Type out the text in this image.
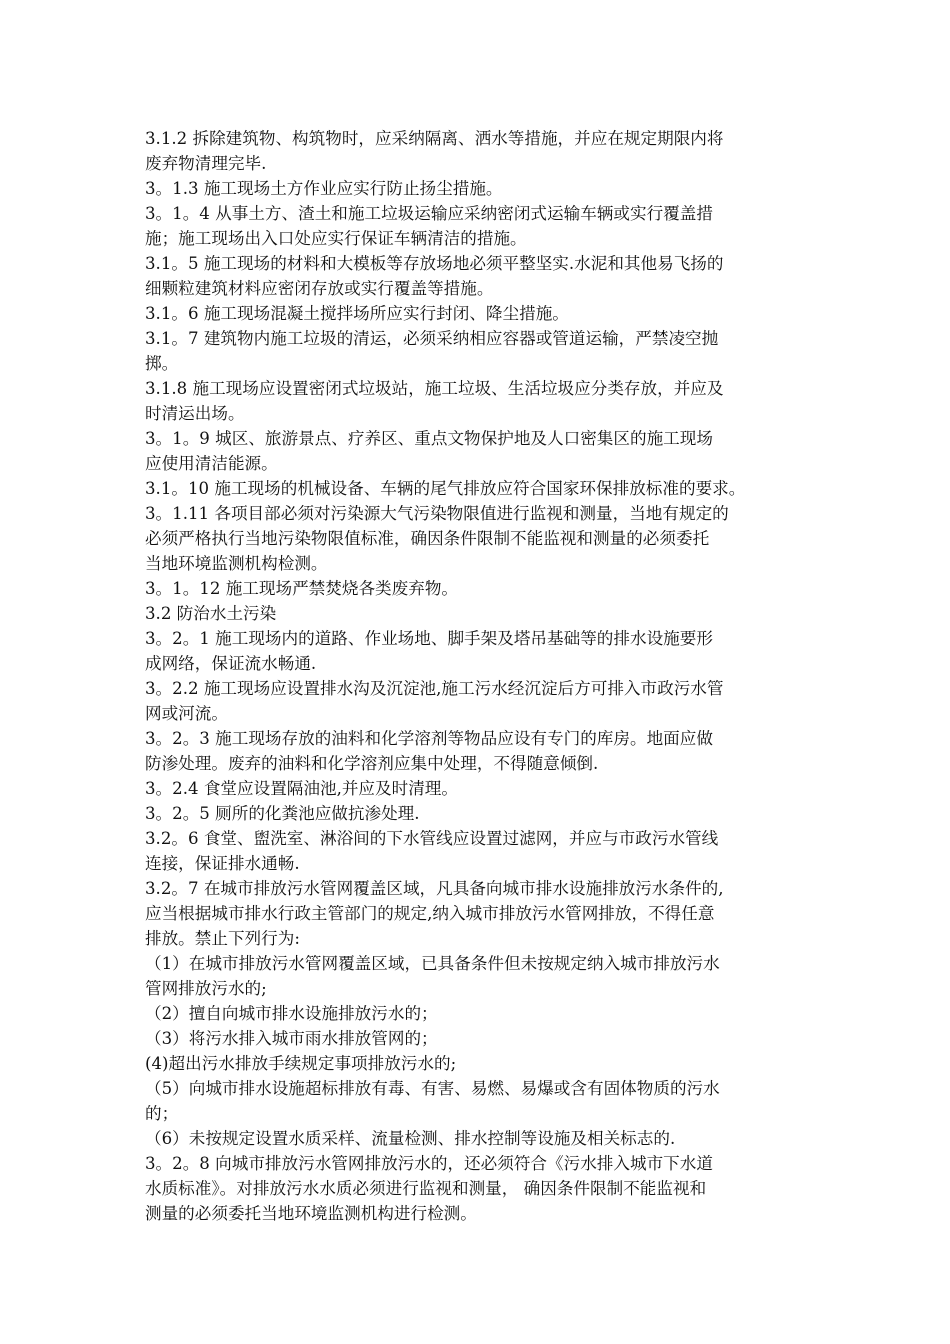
3.1.2 拆除建筑物、构筑物时，应采纳隔离、洒水等措施，并应在规定期限内将
废弃物清理完毕.

3。1.3 施工现场土方作业应实行防止扬尘措施。

3。1。4 从事土方、渣土和施工垃圾运输应采纳密闭式运输车辆或实行覆盖措
施；施工现场出入口处应实行保证车辆清洁的措施。

3.1。5 施工现场的材料和大模板等存放场地必须平整坚实.水泥和其他易飞扬的
细颗粒建筑材料应密闭存放或实行覆盖等措施。

3.1。6 施工现场混凝土搅拌场所应实行封闭、降尘措施。

3.1。7 建筑物内施工垃圾的清运，必须采纳相应容器或管道运输，严禁凌空抛
掷。

3.1.8 施工现场应设置密闭式垃圾站，施工垃圾、生活垃圾应分类存放，并应及
时清运出场。

3。1。9 城区、旅游景点、疗养区、重点文物保护地及人口密集区的施工现场
应使用清洁能源。

3.1。10 施工现场的机械设备、车辆的尾气排放应符合国家环保排放标准的要求。

3。1.11 各项目部必须对污染源大气污染物限值进行监视和测量，当地有规定的
必须严格执行当地污染物限值标准，确因条件限制不能监视和测量的必须委托
当地环境监测机构检测。

3。1。12 施工现场严禁焚烧各类废弃物。

3.2 防治水土污染

3。2。1 施工现场内的道路、作业场地、脚手架及塔吊基础等的排水设施要形
成网络，保证流水畅通.

3。2.2 施工现场应设置排水沟及沉淀池,施工污水经沉淀后方可排入市政污水管
网或河流。

3。2。3 施工现场存放的油料和化学溶剂等物品应设有专门的库房。地面应做
防渗处理。废弃的油料和化学溶剂应集中处理，不得随意倾倒.

3。2.4 食堂应设置隔油池,并应及时清理。

3。2。5 厕所的化粪池应做抗渗处理.

3.2。6 食堂、盥洗室、淋浴间的下水管线应设置过滤网，并应与市政污水管线
连接，保证排水通畅.

3.2。7 在城市排放污水管网覆盖区域，凡具备向城市排水设施排放污水条件的,
应当根据城市排水行政主管部门的规定,纳入城市排放污水管网排放，不得任意
排放。禁止下列行为:

（1）在城市排放污水管网覆盖区域，已具备条件但未按规定纳入城市排放污水
管网排放污水的;

（2）擅自向城市排水设施排放污水的；

（3）将污水排入城市雨水排放管网的；

(4)超出污水排放手续规定事项排放污水的;

（5）向城市排水设施超标排放有毒、有害、易燃、易爆或含有固体物质的污水
的；

（6）未按规定设置水质采样、流量检测、排水控制等设施及相关标志的.

3。2。8 向城市排放污水管网排放污水的，还必须符合《污水排入城市下水道
水质标准》。对排放污水水质必须进行监视和测量， 确因条件限制不能监视和
测量的必须委托当地环境监测机构进行检测。
